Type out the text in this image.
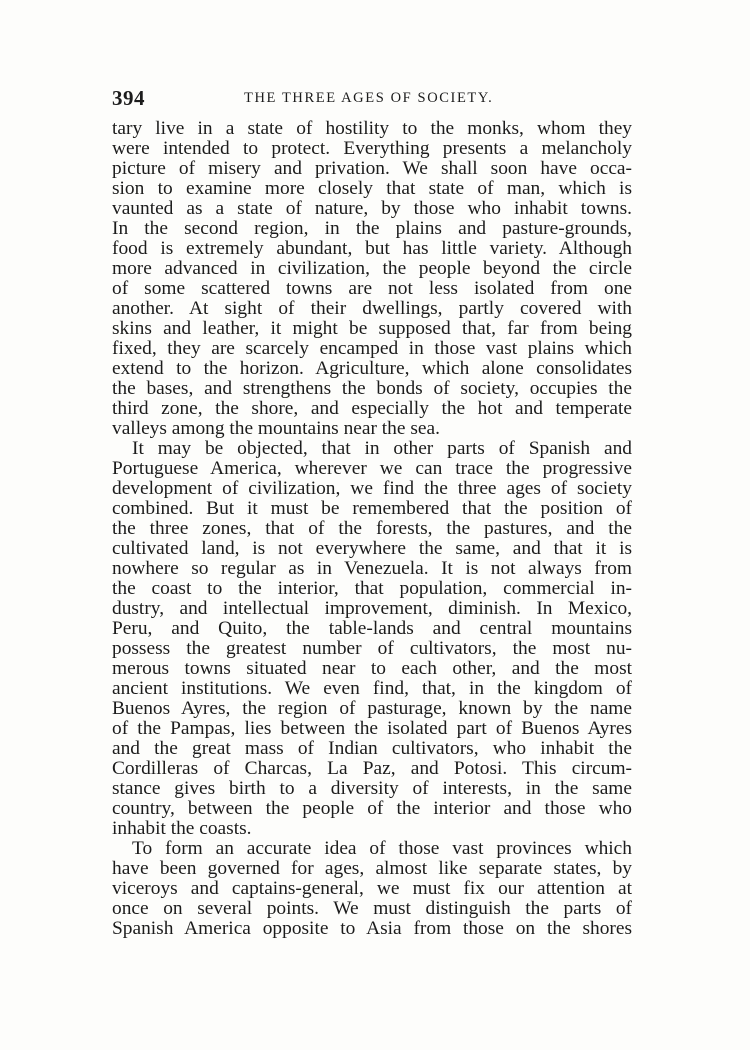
394	THE THREE AGES OF SOCIETY.
tary live in a state of hostility to the monks, whom they
were intended to protect. Everything presents a melancholy
picture of misery and privation. We shall soon have occa-
sion to examine more closely that state of man, which is
vaunted as a state of nature, by those who inhabit towns.
In the second region, in the plains and pasture-grounds,
food is extremely abundant, but has little variety. Although
more advanced in civilization, the people beyond the circle
of some scattered towns are not less isolated from one
another. At sight of their dwellings, partly covered with
skins and leather, it might be supposed that, far from being
fixed, they are scarcely encamped in those vast plains which
extend to the horizon. Agriculture, which alone consolidates
the bases, and strengthens the bonds of society, occupies the
third zone, the shore, and especially the hot and temperate
valleys among the mountains near the sea.
It may be objected, that in other parts of Spanish and
Portuguese America, wherever we can trace the progressive
development of civilization, we find the three ages of society
combined. But it must be remembered that the position of
the three zones, that of the forests, the pastures, and the
cultivated land, is not everywhere the same, and that it is
nowhere so regular as in Venezuela. It is not always from
the coast to the interior, that population, commercial in-
dustry, and intellectual improvement, diminish. In Mexico,
Peru, and Quito, the table-lands and central mountains
possess the greatest number of cultivators, the most nu-
merous towns situated near to each other, and the most
ancient institutions. We even find, that, in the kingdom of
Buenos Ayres, the region of pasturage, known by the name
of the Pampas, lies between the isolated part of Buenos Ayres
and the great mass of Indian cultivators, who inhabit the
Cordilleras of Charcas, La Paz, and Potosi. This circum-
stance gives birth to a diversity of interests, in the same
country, between the people of the interior and those who
inhabit the coasts.
To form an accurate idea of those vast provinces which
have been governed for ages, almost like separate states, by
viceroys and captains-general, we must fix our attention at
once on several points. We must distinguish the parts of
Spanish America opposite to Asia from those on the shores
